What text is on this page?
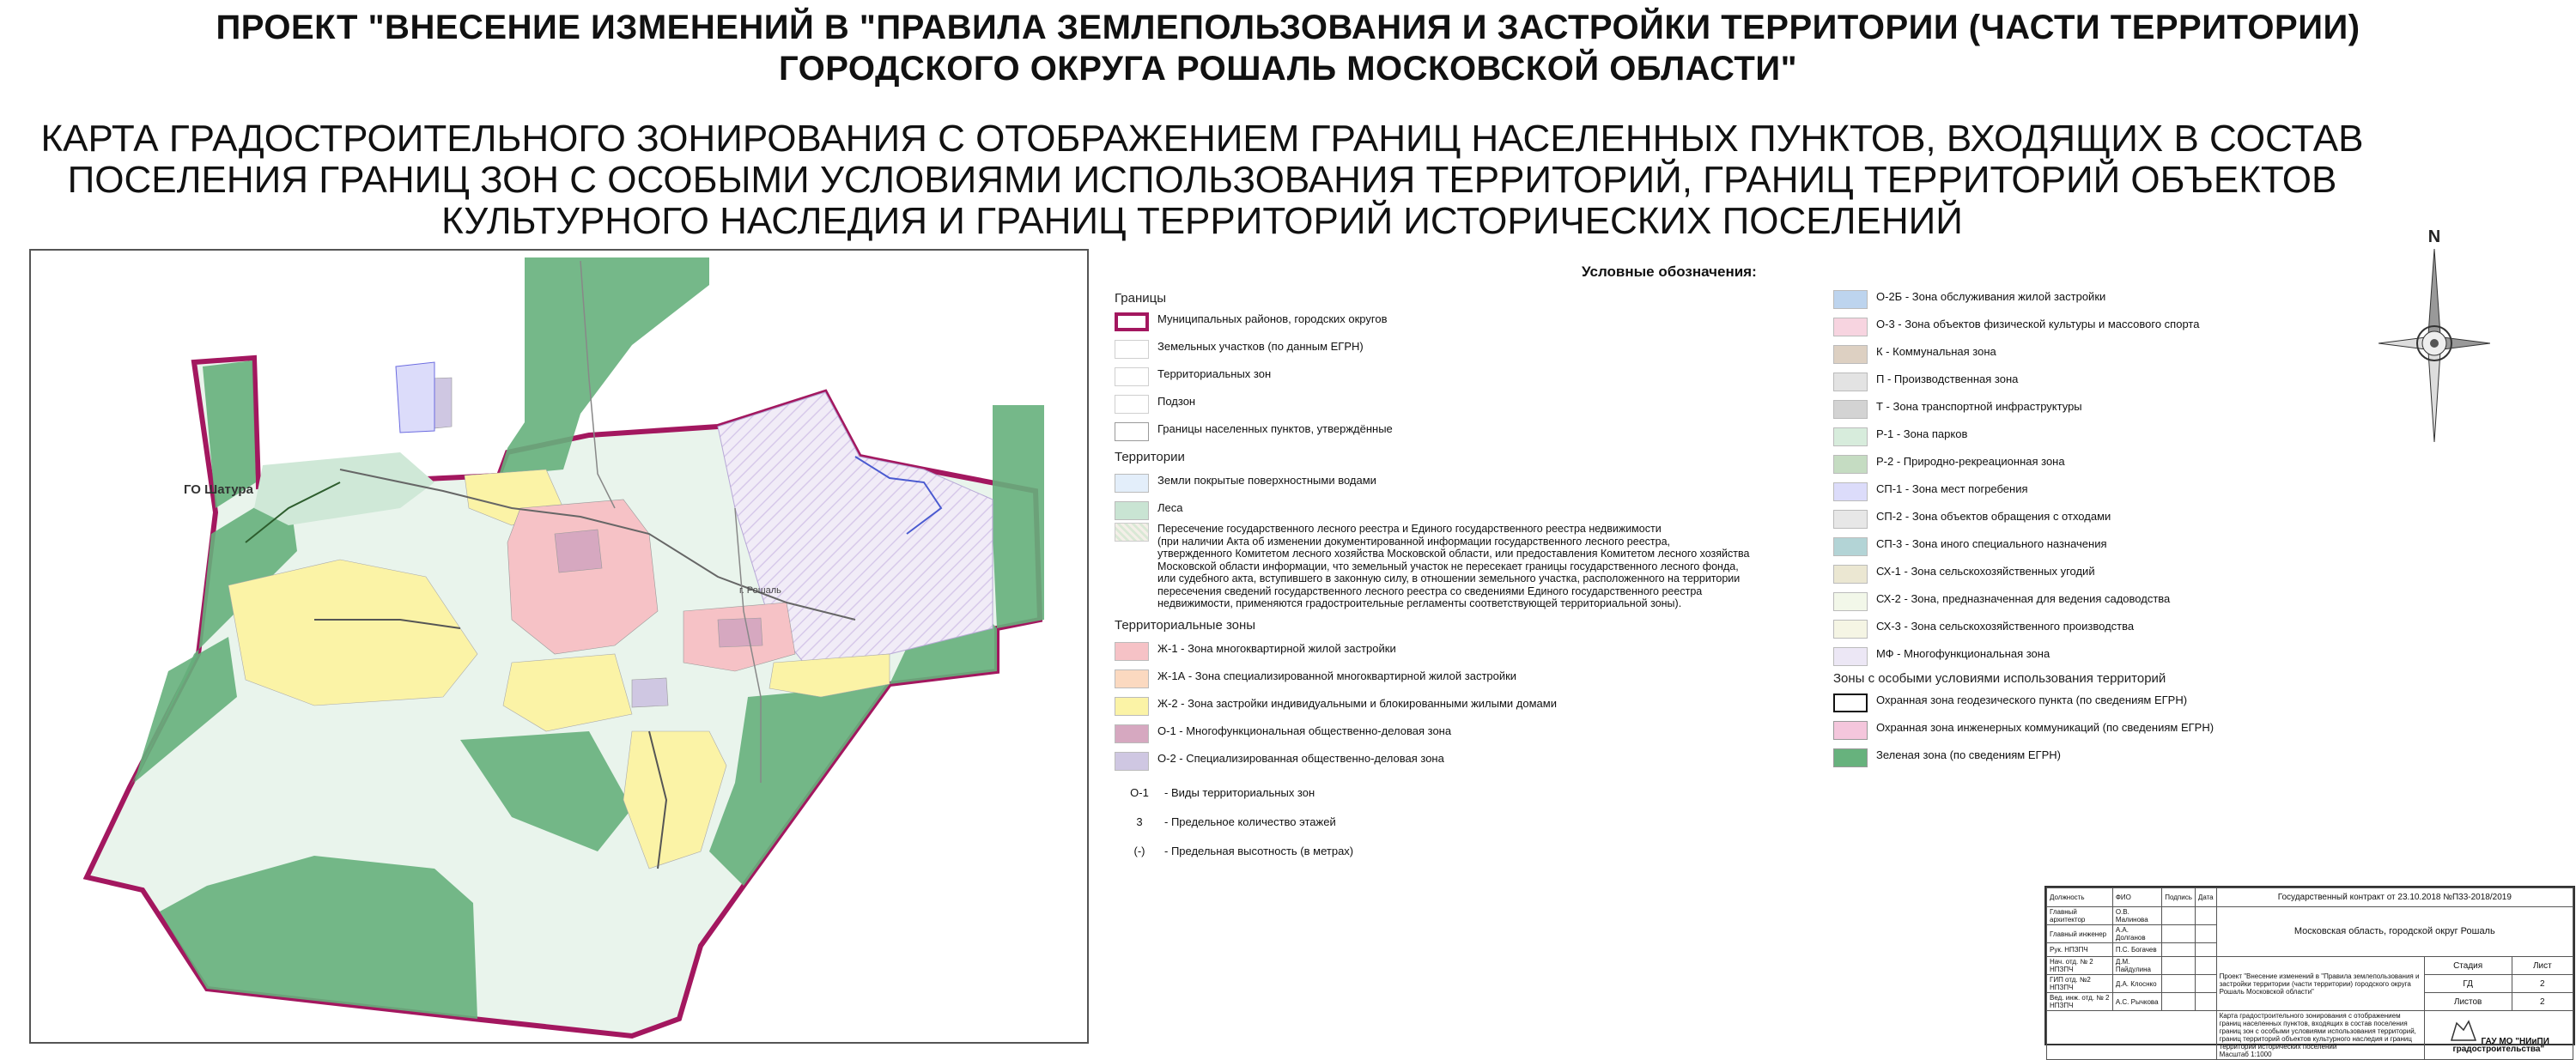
ПРОЕКТ "ВНЕСЕНИЕ ИЗМЕНЕНИЙ В "ПРАВИЛА ЗЕМЛЕПОЛЬЗОВАНИЯ И ЗАСТРОЙКИ ТЕРРИТОРИИ (ЧАСТИ ТЕРРИТОРИИ)
ГОРОДСКОГО ОКРУГА РОШАЛЬ МОСКОВСКОЙ ОБЛАСТИ"
КАРТА ГРАДОСТРОИТЕЛЬНОГО ЗОНИРОВАНИЯ С ОТОБРАЖЕНИЕМ ГРАНИЦ НАСЕЛЕННЫХ ПУНКТОВ, ВХОДЯЩИХ В СОСТАВ
ПОСЕЛЕНИЯ ГРАНИЦ ЗОН С ОСОБЫМИ УСЛОВИЯМИ ИСПОЛЬЗОВАНИЯ ТЕРРИТОРИЙ, ГРАНИЦ ТЕРРИТОРИЙ ОБЪЕКТОВ
КУЛЬТУРНОГО НАСЛЕДИЯ И ГРАНИЦ ТЕРРИТОРИЙ ИСТОРИЧЕСКИХ ПОСЕЛЕНИЙ
ГО Шатура
г. Рошаль
Условные обозначения:
Границы
Муниципальных районов, городских округов
Земельных участков (по данным ЕГРН)
Территориальных зон
Подзон
Границы населенных пунктов, утверждённые
Территории
Земли покрытые поверхностными водами
Леса
Пересечение государственного лесного реестра и Единого государственного реестра недвижимости
(при наличии Акта об изменении документированной информации государственного лесного реестра,
утвержденного Комитетом лесного хозяйства Московской области, или предоставления Комитетом лесного хозяйства
Московской области информации, что земельный участок не пересекает границы государственного лесного фонда,
или судебного акта, вступившего в законную силу, в отношении земельного участка, расположенного на территории
пересечения сведений государственного лесного реестра со сведениями Единого государственного реестра
недвижимости, применяются градостроительные регламенты соответствующей территориальной зоны).
Территориальные зоны
Ж-1 - Зона многоквартирной жилой застройки
Ж-1А - Зона специализированной многоквартирной жилой застройки
Ж-2 - Зона застройки индивидуальными и блокированными жилыми домами
О-1 - Многофункциональная общественно-деловая зона
О-2 - Специализированная общественно-деловая зона
О-1	- Виды территориальных зон
3	- Предельное количество этажей
(-)	- Предельная высотность (в метрах)
О-2Б - Зона обслуживания жилой застройки
О-3 - Зона объектов физической культуры и массового спорта
К - Коммунальная зона
П - Производственная зона
Т - Зона транспортной инфраструктуры
Р-1 - Зона парков
Р-2 - Природно-рекреационная зона
СП-1 - Зона мест погребения
СП-2 - Зона объектов обращения с отходами
СП-3 - Зона иного специального назначения
СХ-1 - Зона сельскохозяйственных угодий
СХ-2 - Зона, предназначенная для ведения садоводства
СХ-3 - Зона сельскохозяйственного производства
МФ - Многофункциональная зона
Зоны с особыми условиями использования территорий
Охранная зона геодезического пункта (по сведениям ЕГРН)
Охранная зона инженерных коммуникаций (по сведениям ЕГРН)
Зеленая зона (по сведениям ЕГРН)
N
Должность	ФИО	Подпись	Дата	Государственный контракт от 23.10.2018 №П33-2018/2019		
Главный архитектор	О.В. Малинова			Московская область, городской округ Рошаль		
Главный инженер	А.А. Долганов					
Рук. НПЗПЧ	П.С. Богачев					
Нач. отд. № 2 НПЗПЧ	Д.М. Пайдулина			Проект "Внесение изменений в "Правила землепользования и застройки территории (части территории) городского округа Рошаль Московской области"	Стадия	Лист
ГИП отд. №2 НПЗПЧ	Д.А. Клоснко				ГД	2
Вед. инж. отд. № 2 НПЗПЧ	А.С. Рычкова				Листов	2
				Карта градостроительного зонирования с отображением границ населенных пунктов, входящих в состав поселения границ зон с особыми условиями использования территорий, границ территорий объектов культурного наследия и границ территорий исторических поселений
Масштаб 1:1000	ГАУ МО "НИиПИ градостроительства"	
